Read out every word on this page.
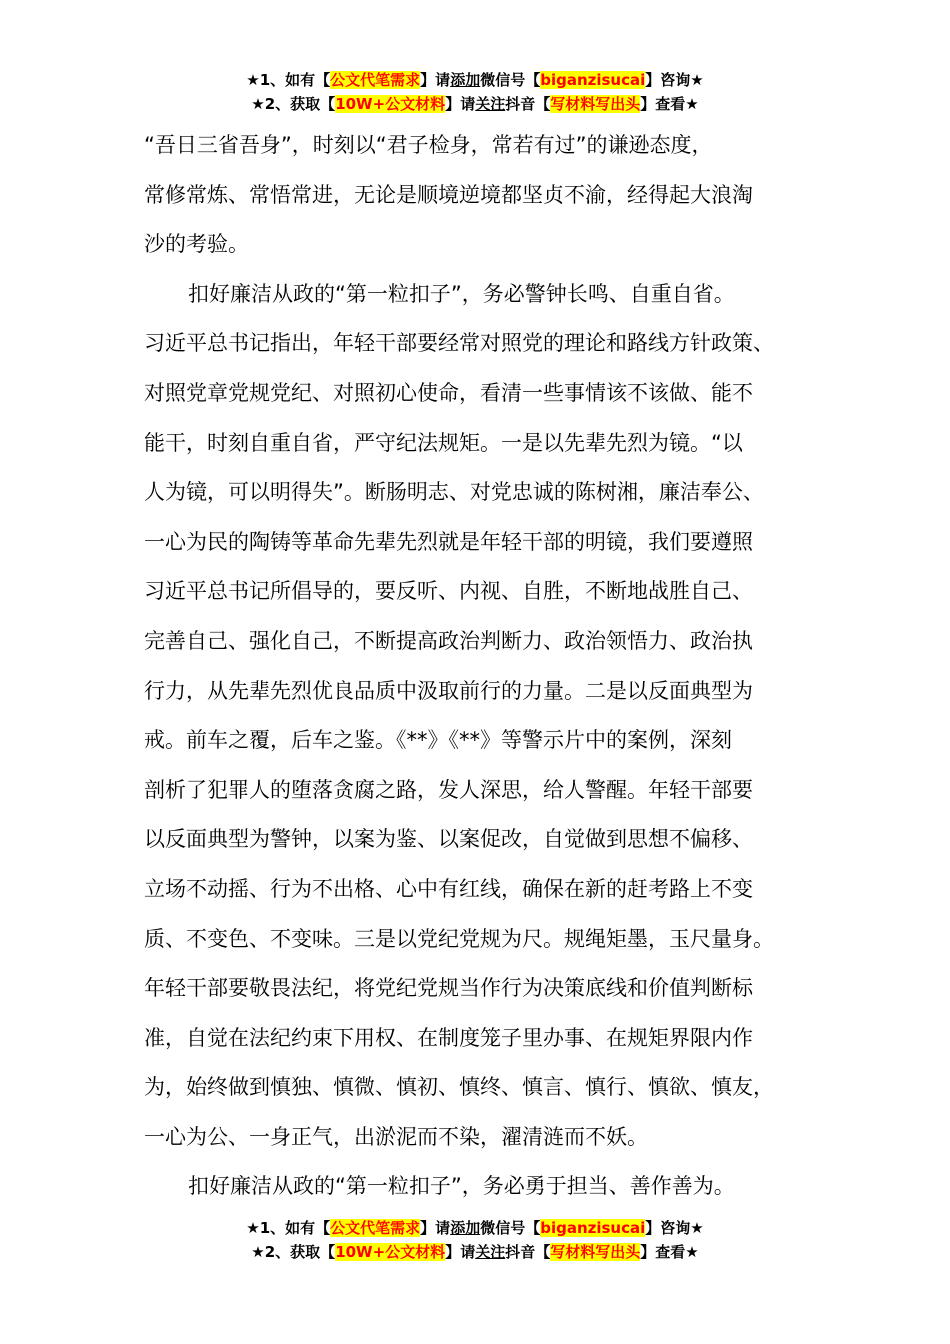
★1、如有【公文代笔需求】请添加微信号【biganzisucai】咨询★
★2、获取【10W+公文材料】请关注抖音【写材料写出头】查看★
“吾日三省吾身”，时刻以“君子检身，常若有过”的谦逊态度，
常修常炼、常悟常进，无论是顺境逆境都坚贞不渝，经得起大浪淘
沙的考验。
扣好廉洁从政的“第一粒扣子”，务必警钟长鸣、自重自省。
习近平总书记指出，年轻干部要经常对照党的理论和路线方针政策、
对照党章党规党纪、对照初心使命，看清一些事情该不该做、能不
能干，时刻自重自省，严守纪法规矩。一是以先辈先烈为镜。“以
人为镜，可以明得失”。断肠明志、对党忠诚的陈树湘，廉洁奉公、
一心为民的陶铸等革命先辈先烈就是年轻干部的明镜，我们要遵照
习近平总书记所倡导的，要反听、内视、自胜，不断地战胜自己、
完善自己、强化自己，不断提高政治判断力、政治领悟力、政治执
行力，从先辈先烈优良品质中汲取前行的力量。二是以反面典型为
戒。前车之覆，后车之鉴。《**》《**》等警示片中的案例，深刻
剖析了犯罪人的堕落贪腐之路，发人深思，给人警醒。年轻干部要
以反面典型为警钟，以案为鉴、以案促改，自觉做到思想不偏移、
立场不动摇、行为不出格、心中有红线，确保在新的赶考路上不变
质、不变色、不变味。三是以党纪党规为尺。规绳矩墨，玉尺量身。
年轻干部要敬畏法纪，将党纪党规当作行为决策底线和价值判断标
准，自觉在法纪约束下用权、在制度笼子里办事、在规矩界限内作
为，始终做到慎独、慎微、慎初、慎终、慎言、慎行、慎欲、慎友，
一心为公、一身正气，出淤泥而不染，濯清涟而不妖。
扣好廉洁从政的“第一粒扣子”，务必勇于担当、善作善为。
★1、如有【公文代笔需求】请添加微信号【biganzisucai】咨询★
★2、获取【10W+公文材料】请关注抖音【写材料写出头】查看★
